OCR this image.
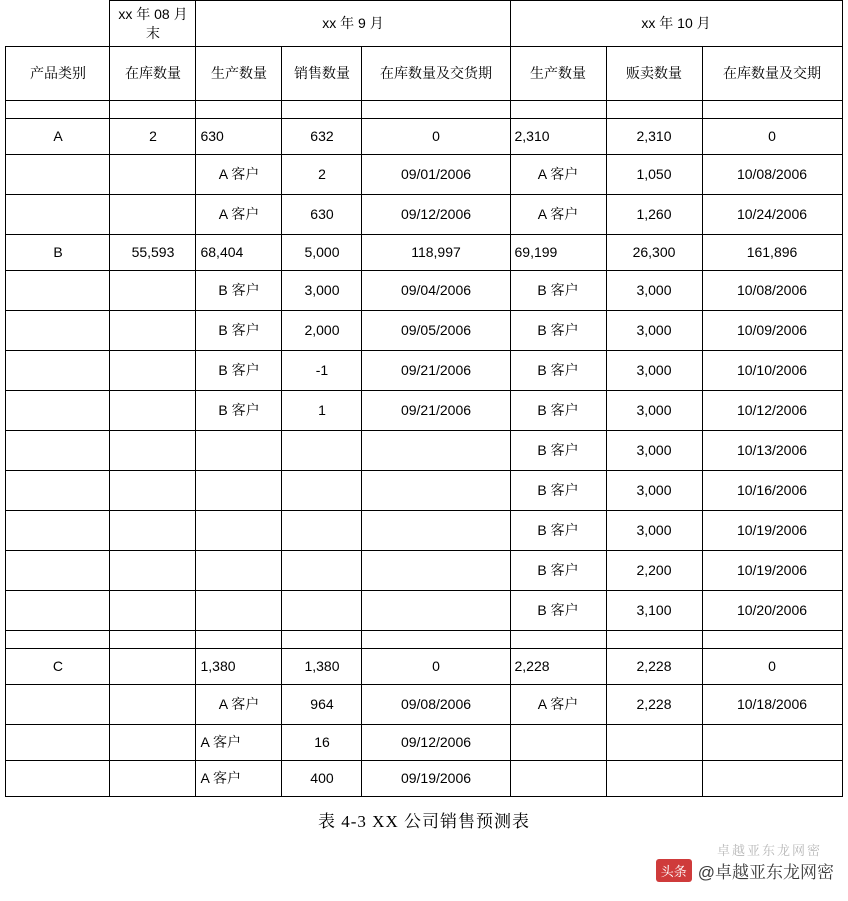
	xx 年 08 月末	xx 年 9 月			xx 年 10 月		
产品类别	在库数量	生产数量	销售数量	在库数量及交货期	生产数量	贩卖数量	在库数量及交期

A	2	630	632	0	2,310	2,310	0
		A 客户	2	09/01/2006	A 客户	1,050	10/08/2006
		A 客户	630	09/12/2006	A 客户	1,260	10/24/2006
B	55,593	68,404	5,000	118,997	69,199	26,300	161,896
		B 客户	3,000	09/04/2006	B 客户	3,000	10/08/2006
		B 客户	2,000	09/05/2006	B 客户	3,000	10/09/2006
		B 客户	-1	09/21/2006	B 客户	3,000	10/10/2006
		B 客户	1	09/21/2006	B 客户	3,000	10/12/2006
					B 客户	3,000	10/13/2006
					B 客户	3,000	10/16/2006
					B 客户	3,000	10/19/2006
					B 客户	2,200	10/19/2006
					B 客户	3,100	10/20/2006

C		1,380	1,380	0	2,228	2,228	0
		A 客户	964	09/08/2006	A 客户	2,228	10/18/2006
		A 客户	16	09/12/2006			
		A 客户	400	09/19/2006			
表 4-3 XX 公司销售预测表
卓越亚东龙网密
头条 @卓越亚东龙网密
